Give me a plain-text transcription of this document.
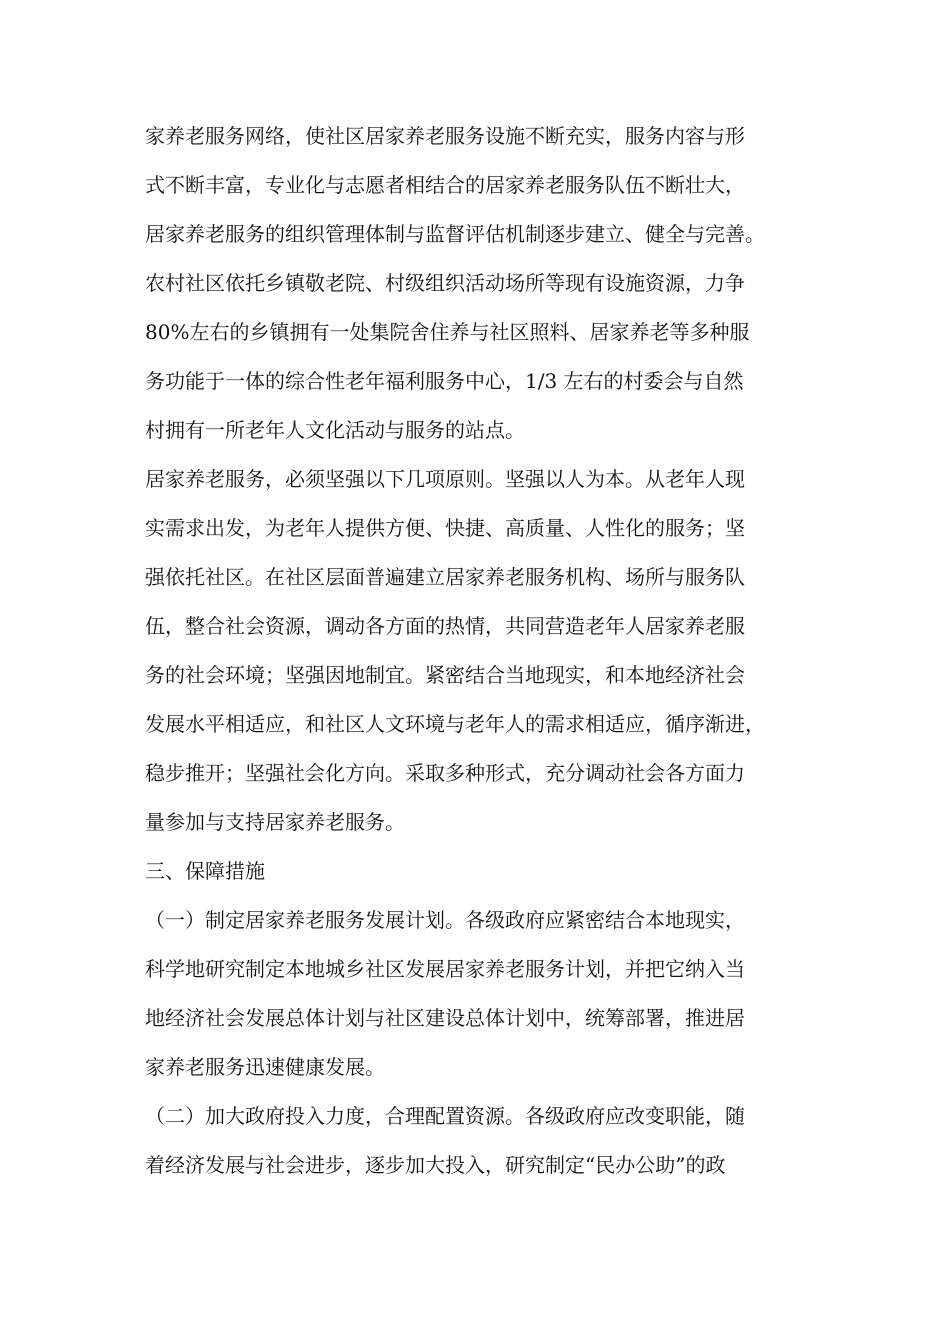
家养老服务网络，使社区居家养老服务设施不断充实，服务内容与形
式不断丰富，专业化与志愿者相结合的居家养老服务队伍不断壮大，
居家养老服务的组织管理体制与监督评估机制逐步建立、健全与完善。
农村社区依托乡镇敬老院、村级组织活动场所等现有设施资源，力争
80%左右的乡镇拥有一处集院舍住养与社区照料、居家养老等多种服
务功能于一体的综合性老年福利服务中心，1/3 左右的村委会与自然
村拥有一所老年人文化活动与服务的站点。
居家养老服务，必须坚强以下几项原则。坚强以人为本。从老年人现
实需求出发，为老年人提供方便、快捷、高质量、人性化的服务；坚
强依托社区。在社区层面普遍建立居家养老服务机构、场所与服务队
伍，整合社会资源，调动各方面的热情，共同营造老年人居家养老服
务的社会环境；坚强因地制宜。紧密结合当地现实，和本地经济社会
发展水平相适应，和社区人文环境与老年人的需求相适应，循序渐进，
稳步推开；坚强社会化方向。采取多种形式，充分调动社会各方面力
量参加与支持居家养老服务。
三、保障措施
（一）制定居家养老服务发展计划。各级政府应紧密结合本地现实，
科学地研究制定本地城乡社区发展居家养老服务计划，并把它纳入当
地经济社会发展总体计划与社区建设总体计划中，统筹部署，推进居
家养老服务迅速健康发展。
（二）加大政府投入力度，合理配置资源。各级政府应改变职能，随
着经济发展与社会进步，逐步加大投入，研究制定“民办公助”的政
